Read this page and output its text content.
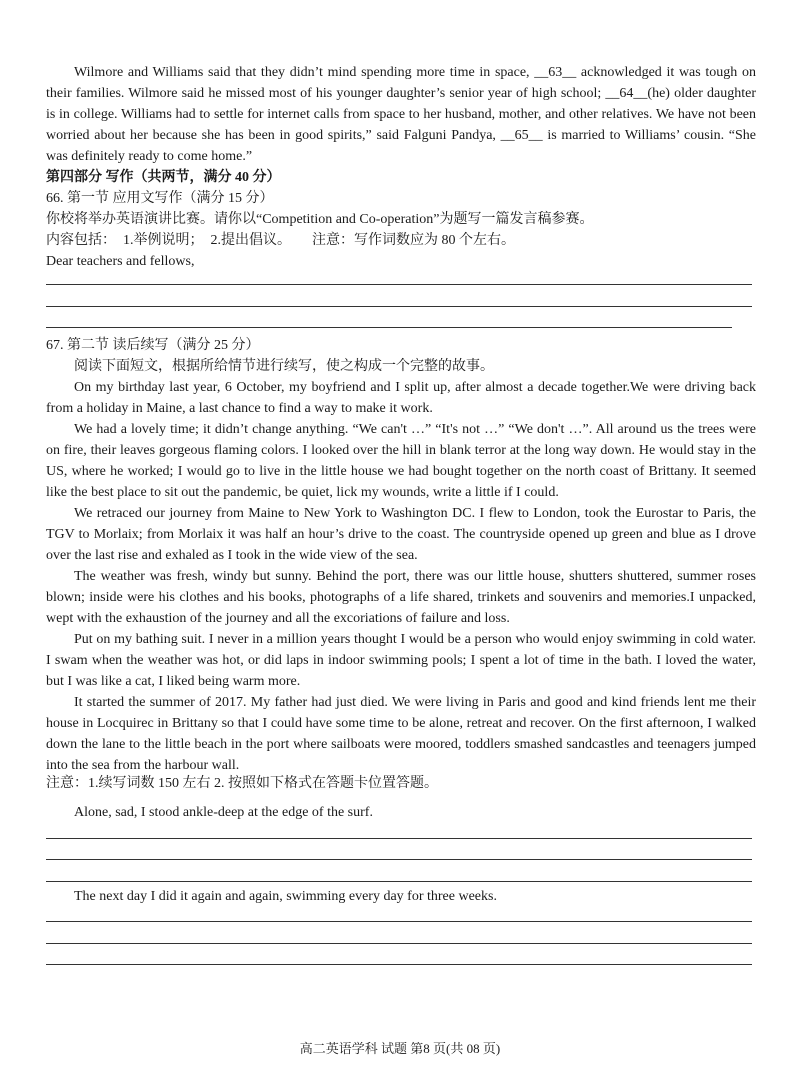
Wilmore and Williams said that they didn’t mind spending more time in space, __63__ acknowledged it was tough on their families. Wilmore said he missed most of his younger daughter’s senior year of high school; __64__(he) older daughter is in college. Williams had to settle for internet calls from space to her husband, mother, and other relatives. We have not been worried about her because she has been in good spirits,” said Falguni Pandya, __65__ is married to Williams’ cousin. “She was definitely ready to come home.”

第四部分 写作（共两节，满分 40 分）

66. 第一节 应用文写作（满分 15 分）

你校将举办英语演讲比赛。请你以“Competition and Co-operation”为题写一篇发言稿参赛。

内容包括：  1.举例说明；  2.提出倡议。      注意：写作词数应为 80 个左右。

Dear teachers and fellows,

67. 第二节 读后续写（满分 25 分）

阅读下面短文，根据所给情节进行续写，使之构成一个完整的故事。

On my birthday last year, 6 October, my boyfriend and I split up, after almost a decade together.We were driving back from a holiday in Maine, a last chance to find a way to make it work.

We had a lovely time; it didn’t change anything. “We can't …” “It's not …” “We don't …”. All around us the trees were on fire, their leaves gorgeous flaming colors. I looked over the hill in blank terror at the long way down. He would stay in the US, where he worked; I would go to live in the little house we had bought together on the north coast of Brittany. It seemed like the best place to sit out the pandemic, be quiet, lick my wounds, write a little if I could.

We retraced our journey from Maine to New York to Washington DC. I flew to London, took the Eurostar to Paris, the TGV to Morlaix; from Morlaix it was half an hour’s drive to the coast. The countryside opened up green and blue as I drove over the last rise and exhaled as I took in the wide view of the sea.

The weather was fresh, windy but sunny. Behind the port, there was our little house, shutters shuttered, summer roses blown; inside were his clothes and his books, photographs of a life shared, trinkets and souvenirs and memories.I unpacked, wept with the exhaustion of the journey and all the excoriations of failure and loss.

Put on my bathing suit. I never in a million years thought I would be a person who would enjoy swimming in cold water. I swam when the weather was hot, or did laps in indoor swimming pools; I spent a lot of time in the bath. I loved the water, but I was like a cat, I liked being warm more.

It started the summer of 2017. My father had just died. We were living in Paris and good and kind friends lent me their house in Locquirec in Brittany so that I could have some time to be alone, retreat and recover. On the first afternoon, I walked down the lane to the little beach in the port where sailboats were moored, toddlers smashed sandcastles and teenagers jumped into the sea from the harbour wall.

注意：1.续写词数 150 左右 2. 按照如下格式在答题卡位置答题。

Alone, sad, I stood ankle-deep at the edge of the surf.

The next day I did it again and again, swimming every day for three weeks.

高二英语学科 试题 第8 页(共 08 页)
